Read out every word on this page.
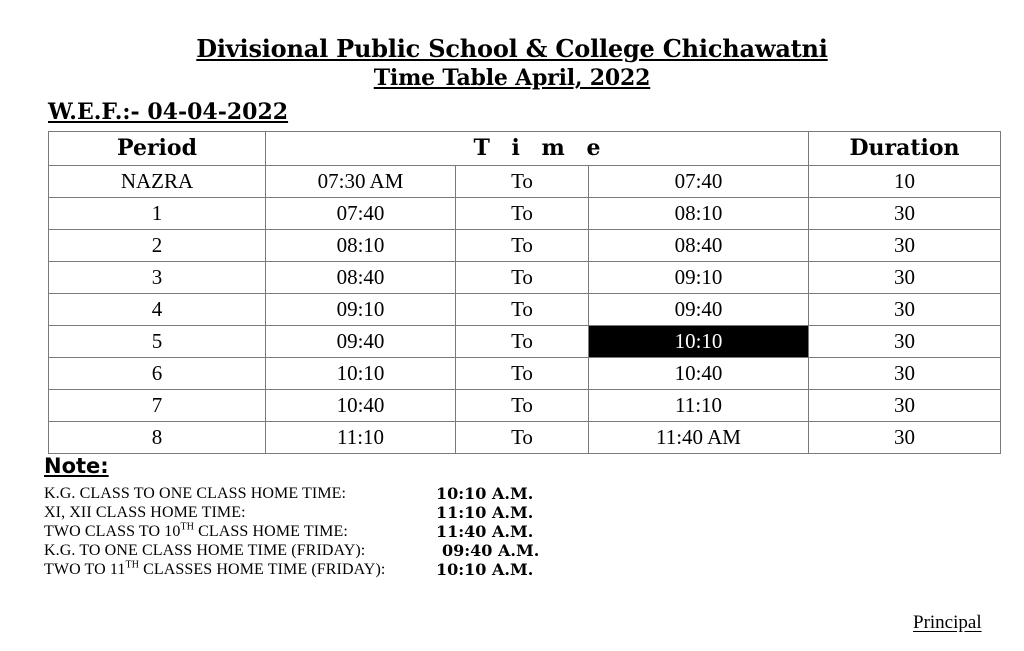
Divisional Public School & College Chichawatni
Time Table April, 2022
W.E.F.:- 04-04-2022
Period	T i m e			Duration
NAZRA	07:30 AM	To	07:40	10
1	07:40	To	08:10	30
2	08:10	To	08:40	30
3	08:40	To	09:10	30
4	09:10	To	09:40	30
5	09:40	To	10:10	30
6	10:10	To	10:40	30
7	10:40	To	11:10	30
8	11:10	To	11:40 AM	30
Note:
K.G. CLASS TO ONE CLASS HOME TIME:	10:10 A.M.
XI, XII CLASS HOME TIME:	11:10 A.M.
TWO CLASS TO 10TH CLASS HOME TIME:	11:40 A.M.
K.G. TO ONE CLASS HOME TIME (FRIDAY):	09:40 A.M.
TWO TO 11TH CLASSES HOME TIME (FRIDAY):	10:10 A.M.
Principal
